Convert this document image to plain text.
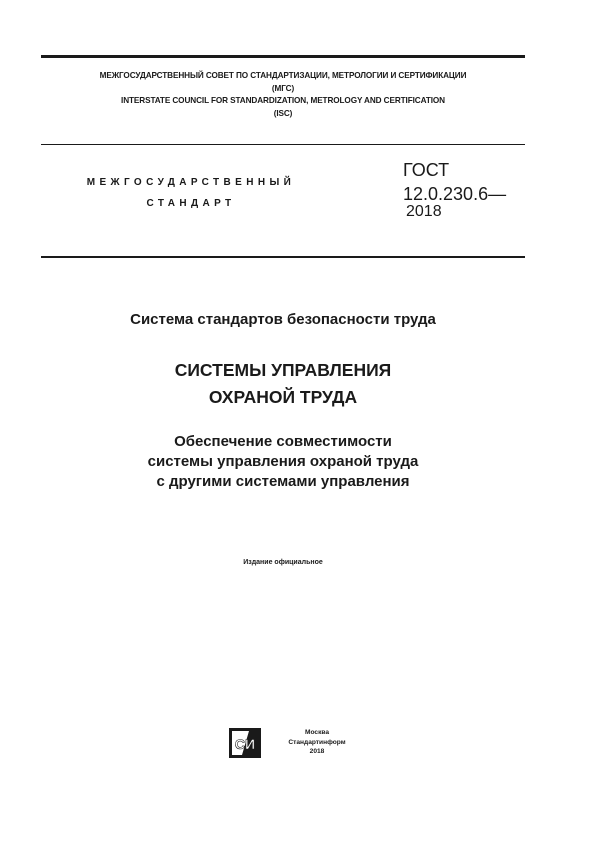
МЕЖГОСУДАРСТВЕННЫЙ СОВЕТ ПО СТАНДАРТИЗАЦИИ, МЕТРОЛОГИИ И СЕРТИФИКАЦИИ
(МГС)
INTERSTATE COUNCIL FOR STANDARDIZATION, METROLOGY AND CERTIFICATION
(ISC)
МЕЖГОСУДАРСТВЕННЫЙ
СТАНДАРТ
ГОСТ
12.0.230.6—
2018
Система стандартов безопасности труда
СИСТЕМЫ УПРАВЛЕНИЯ
ОХРАНОЙ ТРУДА
Обеспечение совместимости
системы управления охраной труда
с другими системами управления
Издание официальное
СИ
Москва
Стандартинформ
2018
